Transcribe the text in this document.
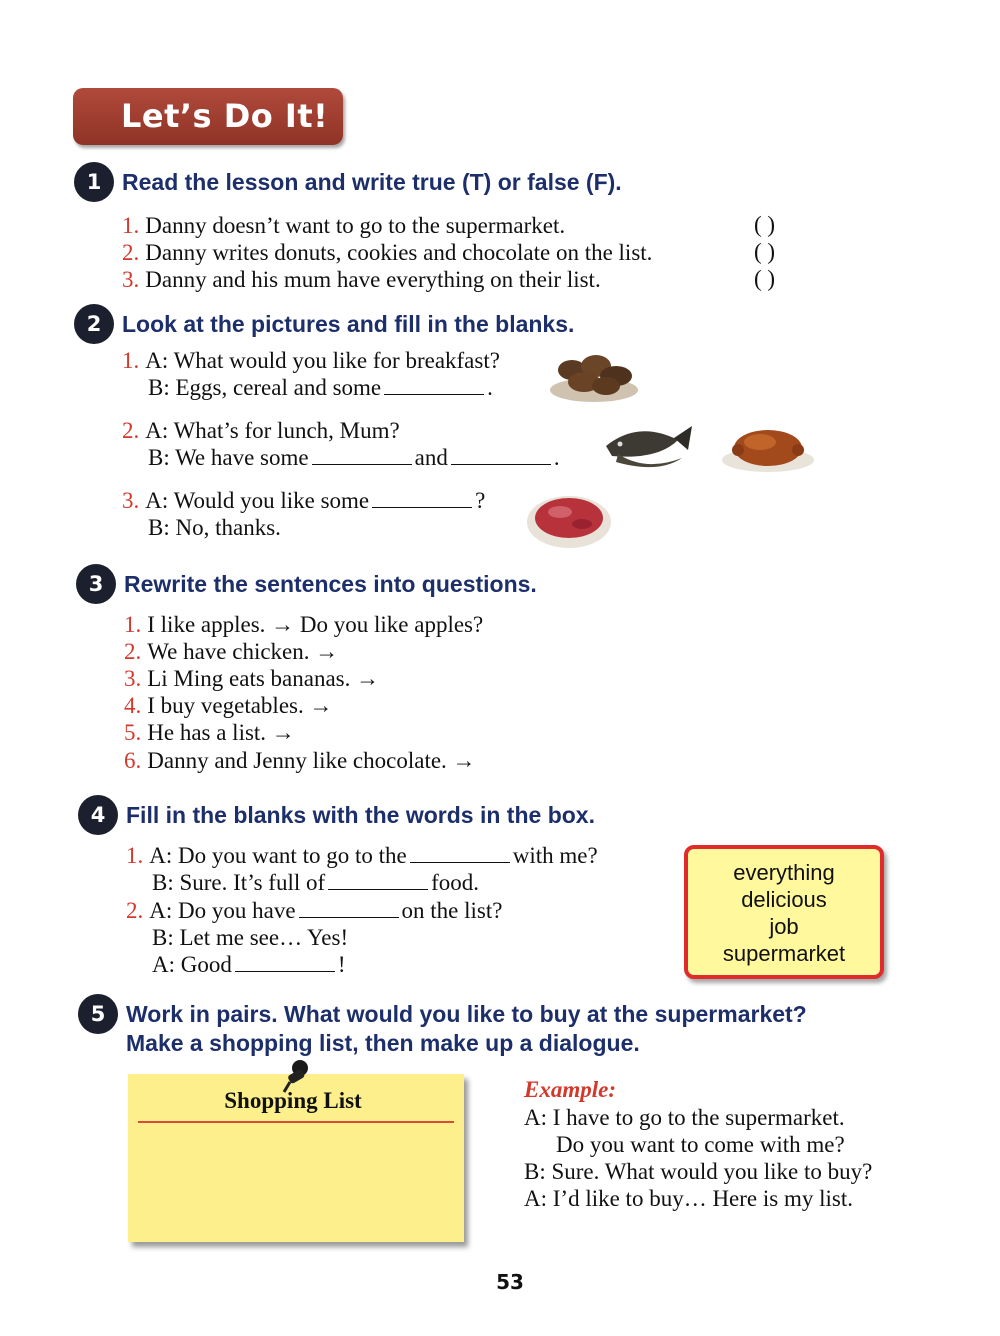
Let’s Do It!
1 Read the lesson and write true (T) or false (F).
1. Danny doesn’t want to go to the supermarket.	( )
2. Danny writes donuts, cookies and chocolate on the list.	( )
3. Danny and his mum have everything on their list.	( )
2 Look at the pictures and fill in the blanks.
1. A: What would you like for breakfast?
B: Eggs, cereal and some	.
2. A: What’s for lunch, Mum?
B: We have some	and	.
3. A: Would you like some	?
B: No, thanks.
3 Rewrite the sentences into questions.
1. I like apples. → Do you like apples?
2. We have chicken. →
3. Li Ming eats bananas. →
4. I buy vegetables. →
5. He has a list. →
6. Danny and Jenny like chocolate. →
4 Fill in the blanks with the words in the box.
1. A: Do you want to go to the	with me?
B: Sure. It’s full of	food.
2. A: Do you have	on the list?
B: Let me see… Yes!
A: Good	!
everything
delicious
job
supermarket
5 Work in pairs. What would you like to buy at the supermarket?
Make a shopping list, then make up a dialogue.
Shopping List	Example:
A: I have to go to the supermarket.
Do you want to come with me?
B: Sure. What would you like to buy?
A: I’d like to buy… Here is my list.
53
